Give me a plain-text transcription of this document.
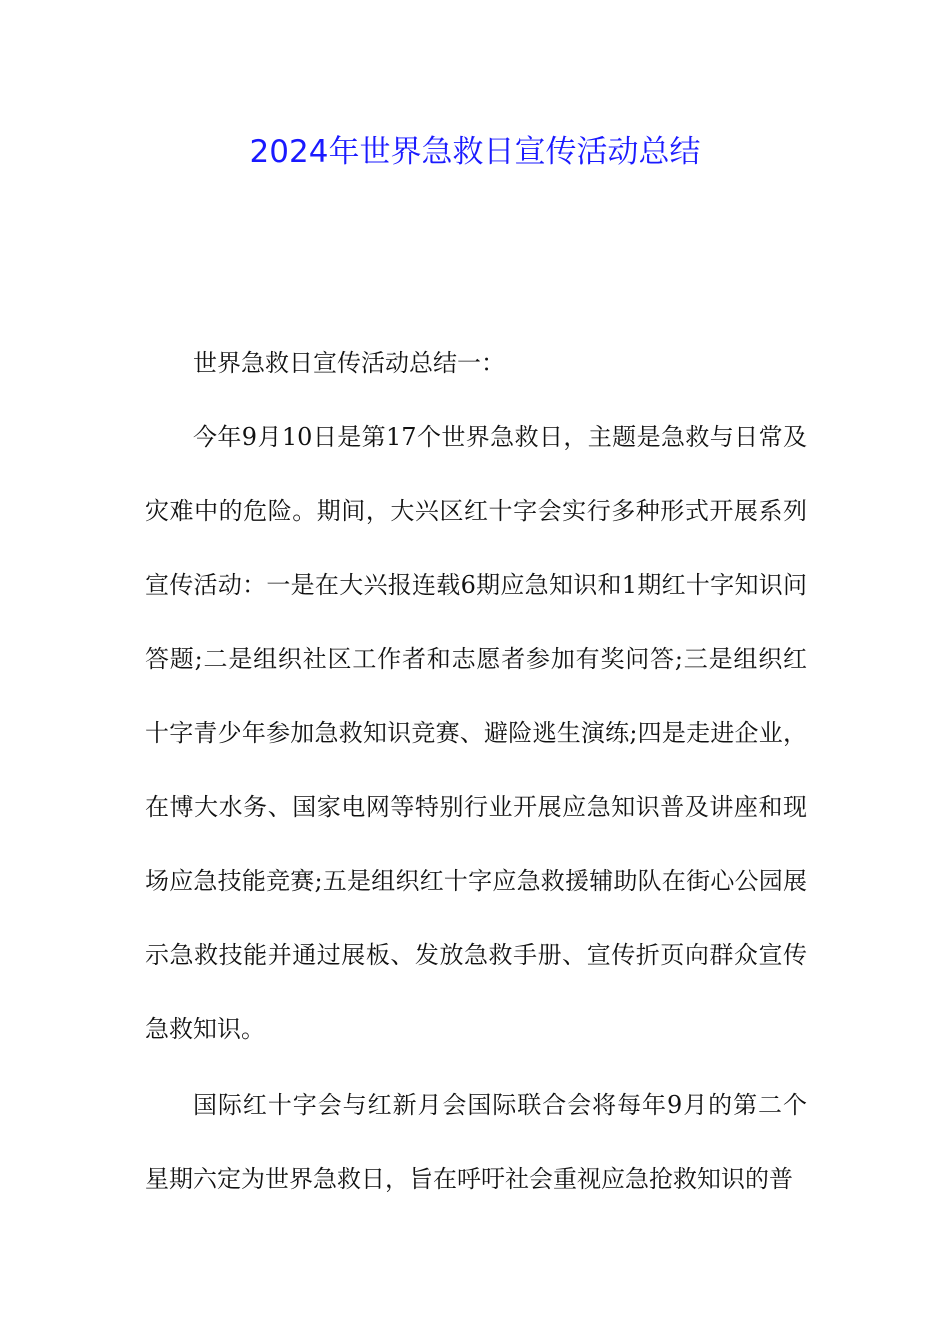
2024年世界急救日宣传活动总结

世界急救日宣传活动总结一：

今年9月10日是第17个世界急救日，主题是急救与日常及灾难中的危险。期间，大兴区红十字会实行多种形式开展系列宣传活动：一是在大兴报连载6期应急知识和1期红十字知识问答题;二是组织社区工作者和志愿者参加有奖问答;三是组织红十字青少年参加急救知识竞赛、避险逃生演练;四是走进企业，在博大水务、国家电网等特别行业开展应急知识普及讲座和现场应急技能竞赛;五是组织红十字应急救援辅助队在街心公园展示急救技能并通过展板、发放急救手册、宣传折页向群众宣传急救知识。

国际红十字会与红新月会国际联合会将每年9月的第二个星期六定为世界急救日，旨在呼吁社会重视应急抢救知识的普
